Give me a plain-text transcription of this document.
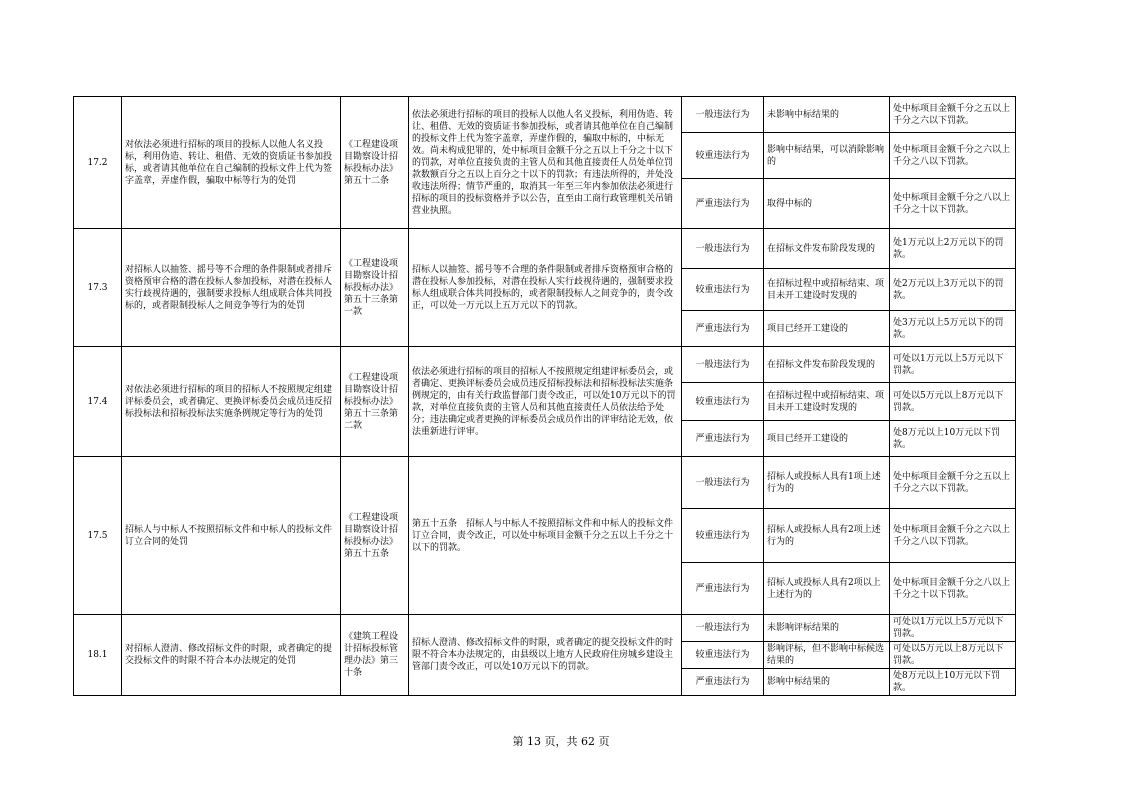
17.2	对依法必须进行招标的项目的投标人以他人名义投标，利用伪造、转让、租借、无效的资质证书参加投标，或者请其他单位在自己编制的投标文件上代为签字盖章，弄虚作假，骗取中标等行为的处罚	《工程建设项目勘察设计招标投标办法》第五十二条	依法必须进行招标的项目的投标人以他人名义投标，利用伪造、转让、租借、无效的资质证书参加投标，或者请其他单位在自己编制的投标文件上代为签字盖章，弄虚作假的，骗取中标的，中标无效。尚未构成犯罪的，处中标项目金额千分之五以上千分之十以下的罚款，对单位直接负责的主管人员和其他直接责任人员处单位罚款数额百分之五以上百分之十以下的罚款；有违法所得的，并处没收违法所得；情节严重的，取消其一年至三年内参加依法必须进行招标的项目的投标资格并予以公告，直至由工商行政管理机关吊销营业执照。	一般违法行为	未影响中标结果的	处中标项目金额千分之五以上千分之六以下罚款。
				较重违法行为	影响中标结果，可以消除影响的	处中标项目金额千分之六以上千分之八以下罚款。
				严重违法行为	取得中标的	处中标项目金额千分之八以上千分之十以下罚款。
17.3	对招标人以抽签、摇号等不合理的条件限制或者排斥资格预审合格的潜在投标人参加投标，对潜在投标人实行歧视待遇的，强制要求投标人组成联合体共同投标的，或者限制投标人之间竞争等行为的处罚	《工程建设项目勘察设计招标投标办法》第五十三条第一款	招标人以抽签、摇号等不合理的条件限制或者排斥资格预审合格的潜在投标人参加投标，对潜在投标人实行歧视待遇的，强制要求投标人组成联合体共同投标的，或者限制投标人之间竞争的，责令改正，可以处一万元以上五万元以下的罚款。	一般违法行为	在招标文件发布阶段发现的	处1万元以上2万元以下的罚款。
				较重违法行为	在招标过程中或招标结束、项目未开工建设时发现的	处2万元以上3万元以下的罚款。
				严重违法行为	项目已经开工建设的	处3万元以上5万元以下的罚款。
17.4	对依法必须进行招标的项目的招标人不按照规定组建评标委员会，或者确定、更换评标委员会成员违反招标投标法和招标投标法实施条例规定等行为的处罚	《工程建设项目勘察设计招标投标办法》第五十三条第二款	依法必须进行招标的项目的招标人不按照规定组建评标委员会，或者确定、更换评标委员会成员违反招标投标法和招标投标法实施条例规定的，由有关行政监督部门责令改正，可以处10万元以下的罚款，对单位直接负责的主管人员和其他直接责任人员依法给予处分；违法确定或者更换的评标委员会成员作出的评审结论无效，依法重新进行评审。	一般违法行为	在招标文件发布阶段发现的	可处以1万元以上5万元以下罚款。
				较重违法行为	在招标过程中或招标结束、项目未开工建设时发现的	可处以5万元以上8万元以下罚款。
				严重违法行为	项目已经开工建设的	处8万元以上10万元以下罚款。
17.5	招标人与中标人不按照招标文件和中标人的投标文件订立合同的处罚	《工程建设项目勘察设计招标投标办法》第五十五条	第五十五条　招标人与中标人不按照招标文件和中标人的投标文件订立合同，责令改正，可以处中标项目金额千分之五以上千分之十以下的罚款。	一般违法行为	招标人或投标人具有1项上述行为的	处中标项目金额千分之五以上千分之六以下罚款。
				较重违法行为	招标人或投标人具有2项上述行为的	处中标项目金额千分之六以上千分之八以下罚款。
				严重违法行为	招标人或投标人具有2项以上上述行为的	处中标项目金额千分之八以上千分之十以下罚款。
18.1	对招标人澄清、修改招标文件的时限，或者确定的提交投标文件的时限不符合本办法规定的处罚	《建筑工程设计招标投标管理办法》第三十条	招标人澄清、修改招标文件的时限，或者确定的提交投标文件的时限不符合本办法规定的，由县级以上地方人民政府住房城乡建设主管部门责令改正，可以处10万元以下的罚款。	一般违法行为	未影响评标结果的	可处以1万元以上5万元以下罚款。
				较重违法行为	影响评标，但不影响中标候选结果的	可处以5万元以上8万元以下罚款。
				严重违法行为	影响中标结果的	处8万元以上10万元以下罚款。
第 13 页，共 62 页
